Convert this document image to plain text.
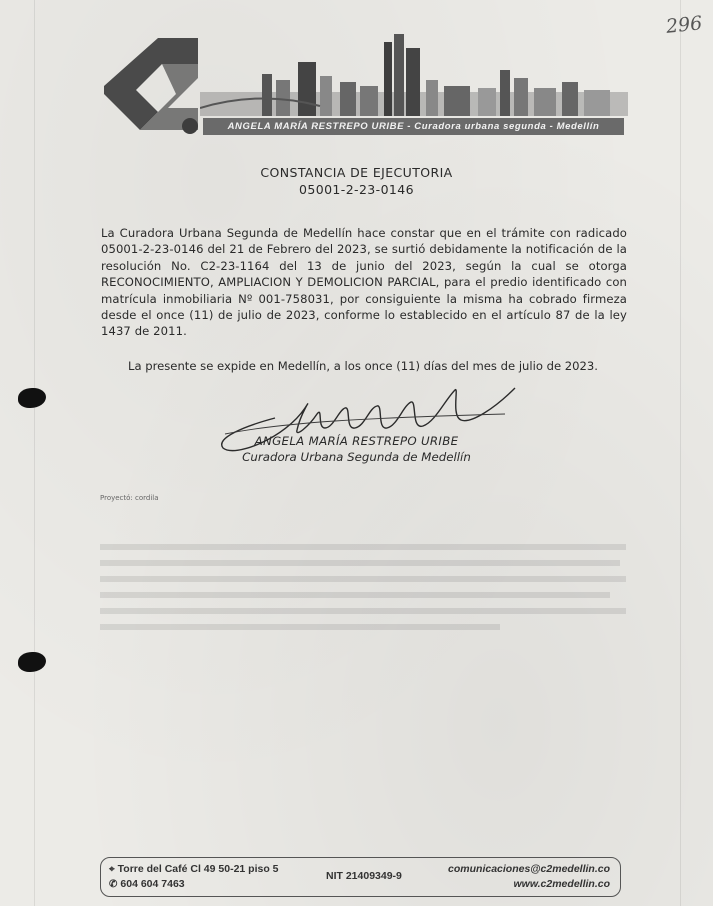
296
ANGELA MARÍA RESTREPO URIBE - Curadora urbana segunda - Medellín
CONSTANCIA DE EJECUTORIA
05001-2-23-0146
La Curadora Urbana Segunda de Medellín hace constar que en el trámite con radicado 05001-2-23-0146 del 21 de Febrero del 2023, se surtió debidamente la notificación de la resolución No. C2-23-1164 del 13 de junio del 2023, según la cual se otorga RECONOCIMIENTO, AMPLIACION Y DEMOLICION PARCIAL, para el predio identificado con matrícula inmobiliaria Nº 001-758031, por consiguiente la misma ha cobrado firmeza desde el once (11) de julio de 2023, conforme lo establecido en el artículo 87 de la ley 1437 de 2011.
La presente se expide en Medellín, a los once (11) días del mes de julio de 2023.
ANGELA MARÍA RESTREPO URIBE
Curadora Urbana Segunda de Medellín
Proyectó: cordila
⌖ Torre del Café Cl 49 50-21 piso 5
✆ 604 604 7463
NIT 21409349-9
comunicaciones@c2medellin.co
www.c2medellin.co
